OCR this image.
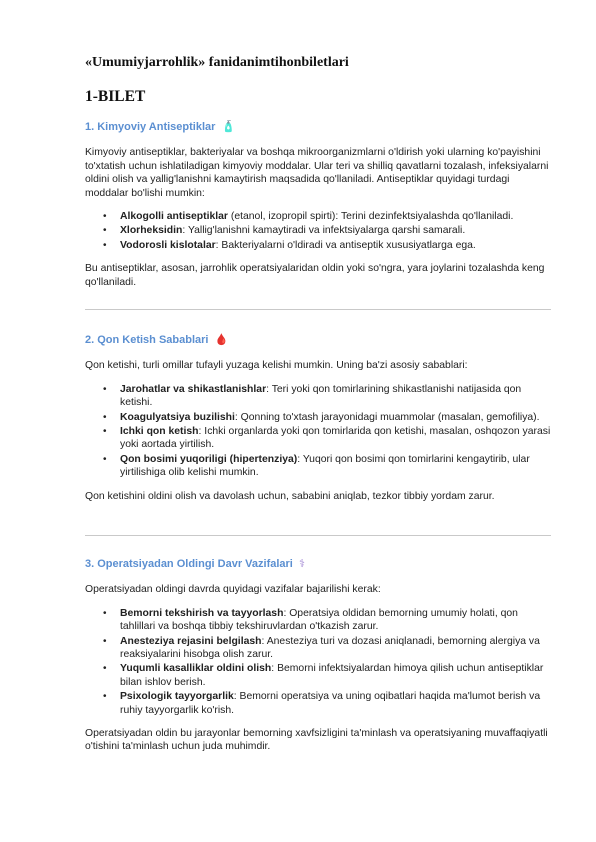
«Umumiyjarrohlik» fanidanimtihonbiletlari
1-BILET
1. Kimyoviy Antiseptiklar 🧴

Kimyoviy antiseptiklar, bakteriyalar va boshqa mikroorganizmlarni o'ldirish yoki ularning ko'payishini to'xtatish uchun ishlatiladigan kimyoviy moddalar. Ular teri va shilliq qavatlarni tozalash, infeksiyalarni oldini olish va yallig'lanishni kamaytirish maqsadida qo'llaniladi. Antiseptiklar quyidagi turdagi moddalar bo'lishi mumkin:

• Alkogolli antiseptiklar (etanol, izopropil spirti): Terini dezinfektsiyalashda qo'llaniladi.
• Xlorheksidin: Yallig'lanishni kamaytiradi va infektsiyalarga qarshi samarali.
• Vodorosli kislotalar: Bakteriyalarni o'ldiradi va antiseptik xususiyatlarga ega.

Bu antiseptiklar, asosan, jarrohlik operatsiyalaridan oldin yoki so'ngra, yara joylarini tozalashda keng qo'llaniladi.

2. Qon Ketish Sabablari 🩸

Qon ketishi, turli omillar tufayli yuzaga kelishi mumkin. Uning ba'zi asosiy sabablari:

• Jarohatlar va shikastlanishlar: Teri yoki qon tomirlarining shikastlanishi natijasida qon ketishi.
• Koagulyatsiya buzilishi: Qonning to'xtash jarayonidagi muammolar (masalan, gemofiliya).
• Ichki qon ketish: Ichki organlarda yoki qon tomirlarida qon ketishi, masalan, oshqozon yarasi yoki aortada yirtilish.
• Qon bosimi yuqoriligi (hipertenziya): Yuqori qon bosimi qon tomirlarini kengaytirib, ular yirtilishiga olib kelishi mumkin.

Qon ketishini oldini olish va davolash uchun, sababini aniqlab, tezkor tibbiy yordam zarur.

3. Operatsiyadan Oldingi Davr Vazifalari ⚕

Operatsiyadan oldingi davrda quyidagi vazifalar bajarilishi kerak:

• Bemorni tekshirish va tayyorlash: Operatsiya oldidan bemorning umumiy holati, qon tahlillari va boshqa tibbiy tekshiruvlardan o'tkazish zarur.
• Anesteziya rejasini belgilash: Anesteziya turi va dozasi aniqlanadi, bemorning alergiya va reaksiyalarini hisobga olish zarur.
• Yuqumli kasalliklar oldini olish: Bemorni infektsiyalardan himoya qilish uchun antiseptiklar bilan ishlov berish.
• Psixologik tayyorgarlik: Bemorni operatsiya va uning oqibatlari haqida ma'lumot berish va ruhiy tayyorgarlik ko'rish.

Operatsiyadan oldin bu jarayonlar bemorning xavfsizligini ta'minlash va operatsiyaning muvaffaqiyatli o'tishini ta'minlash uchun juda muhimdir.
